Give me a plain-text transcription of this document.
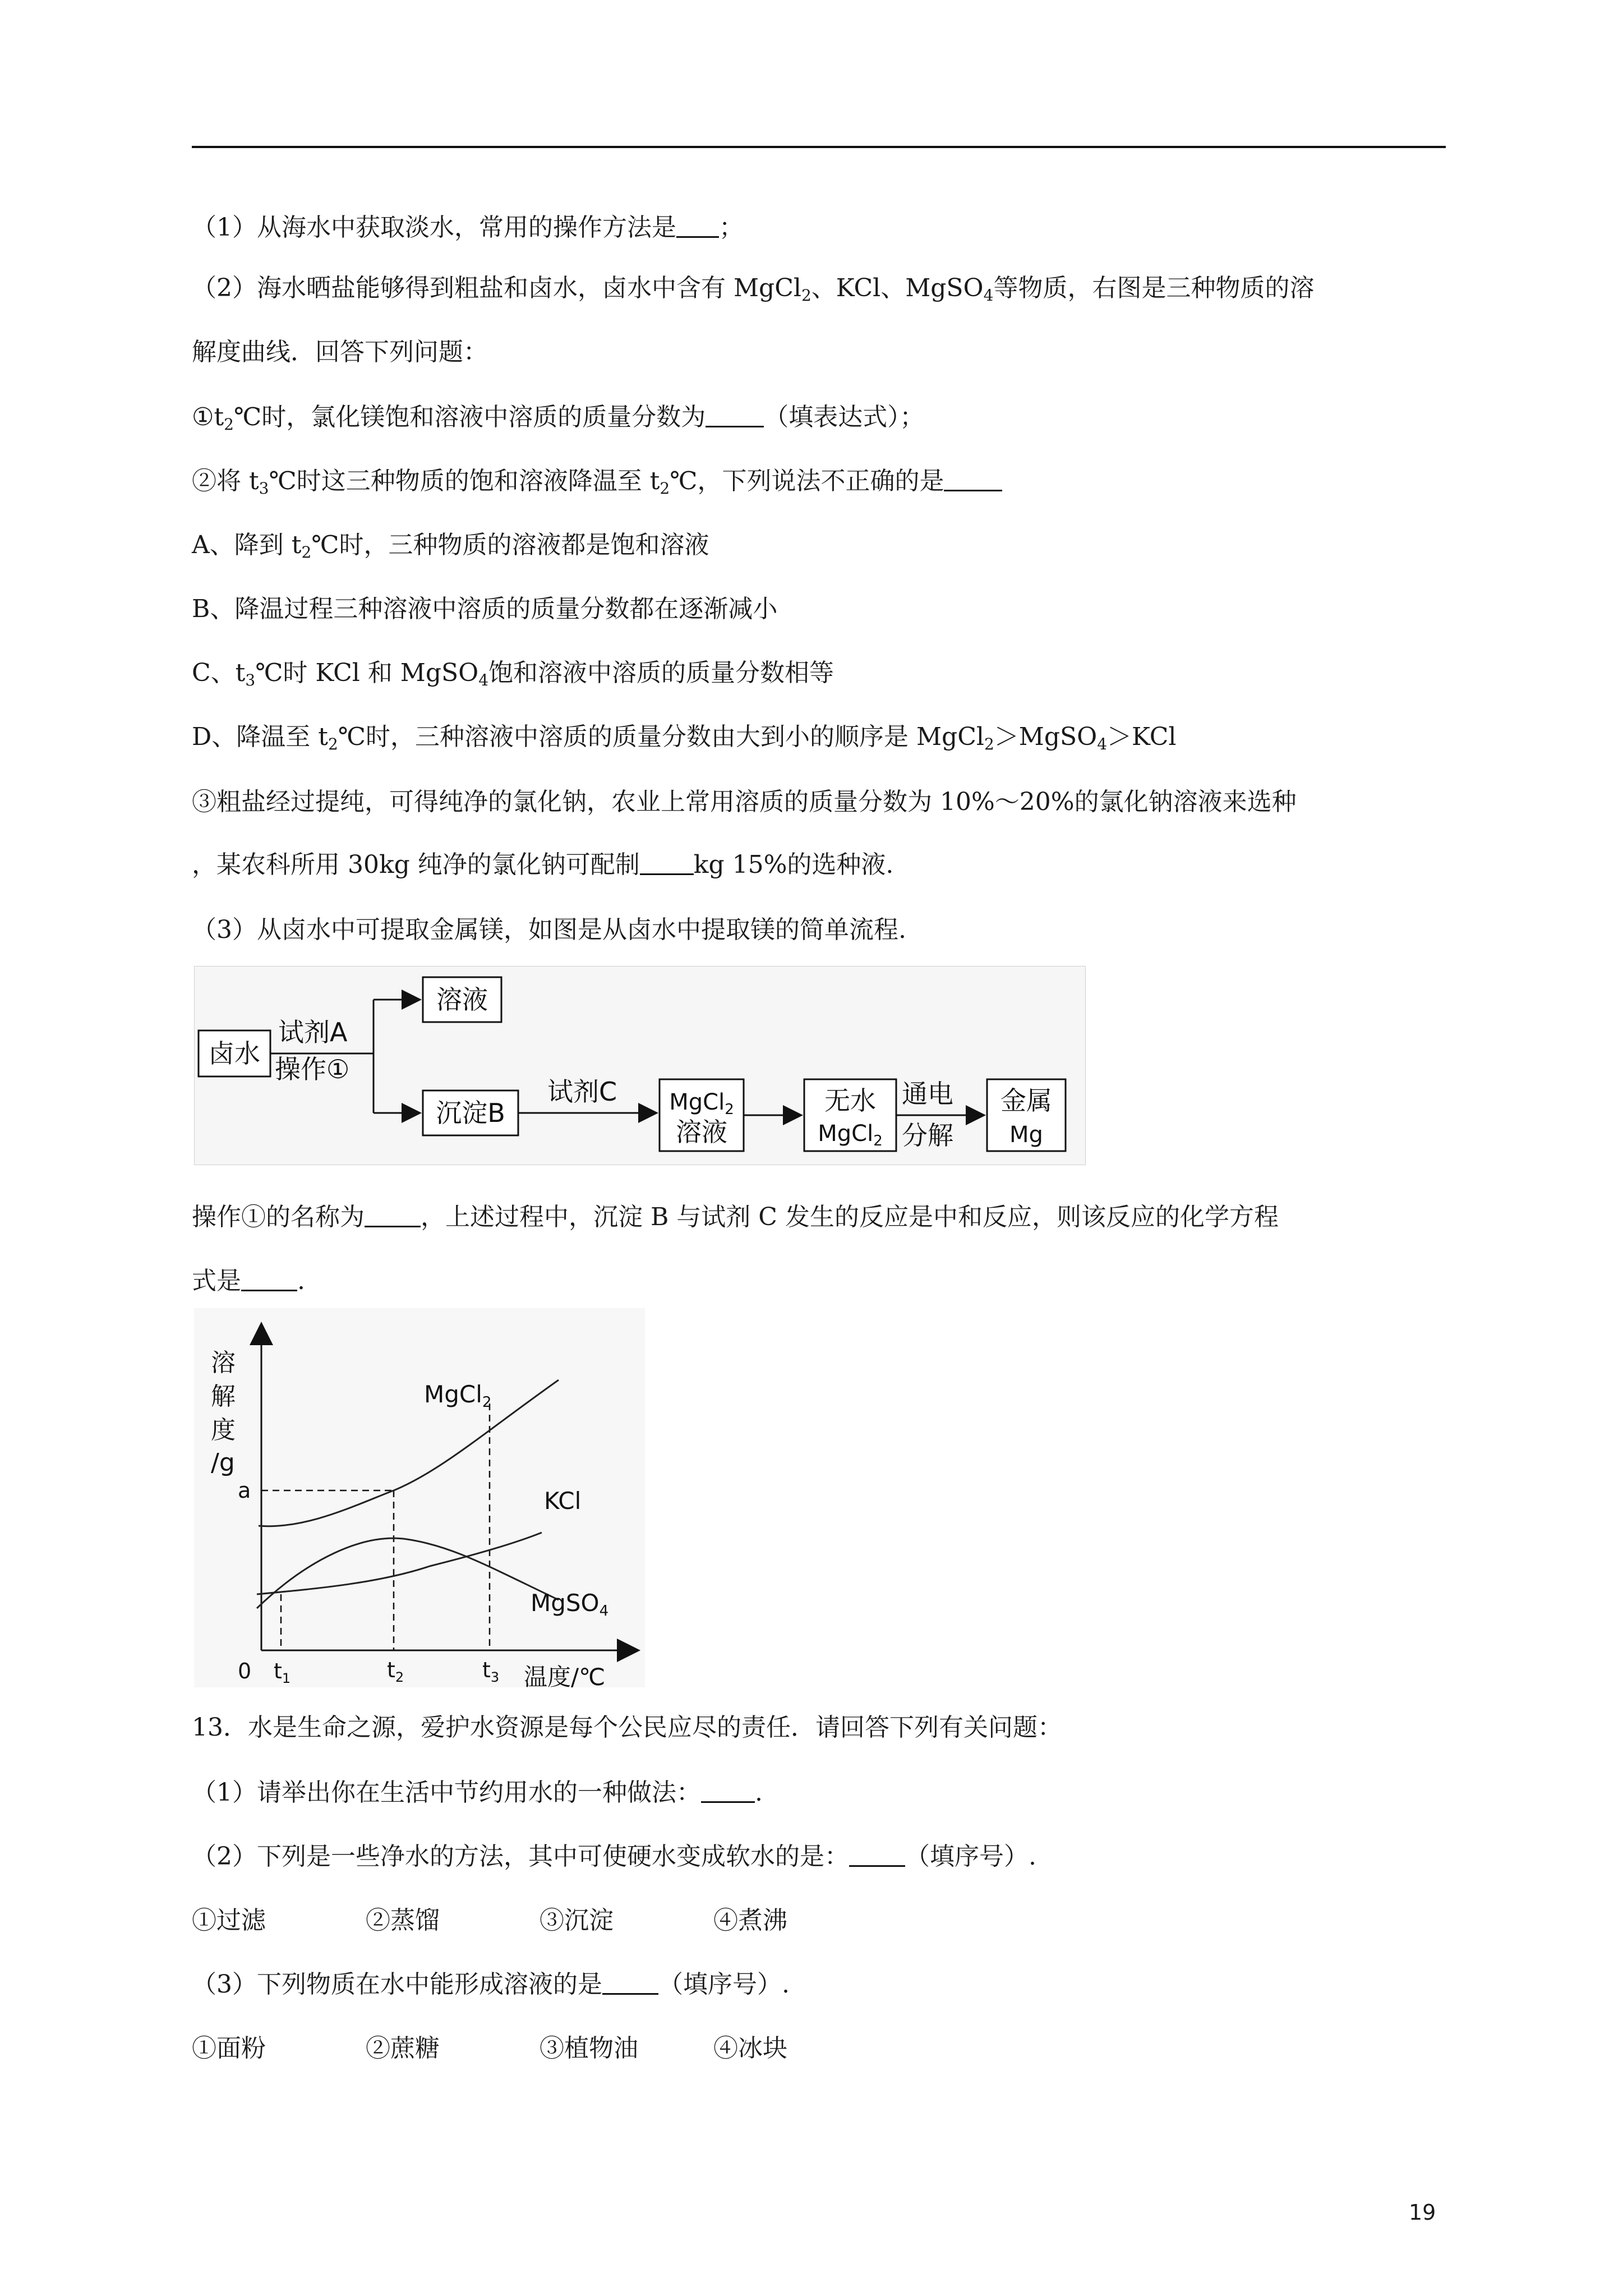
（1）从海水中获取淡水，常用的操作方法是 ；
（2）海水晒盐能够得到粗盐和卤水，卤水中含有 MgCl$_2$、KCl、MgSO$_4$等物质，右图是三种物质的溶
解度曲线．回答下列问题：
$①t_2℃$时，氯化镁饱和溶液中溶质的质量分数为 （填表达式）；
②将 $t_3℃$时这三种物质的饱和溶液降温至 $t_2℃$，下列说法不正确的是
A、降到 $t_2℃$时，三种物质的溶液都是饱和溶液
B、降温过程三种溶液中溶质的质量分数都在逐渐减小
C、$t_3℃$时 KCl 和 MgSO$_4$饱和溶液中溶质的质量分数相等
D、降温至 $t_2℃$时，三种溶液中溶质的质量分数由大到小的顺序是 MgCl$_2$＞MgSO$_4$＞KCl
③粗盐经过提纯，可得纯净的氯化钠，农业上常用溶质的质量分数为 10%～20%的氯化钠溶液来选种
，某农科所用 30kg 纯净的氯化钠可配制 kg 15%的选种液.
（3）从卤水中可提取金属镁，如图是从卤水中提取镁的简单流程.
卤水
试剂A
操作①
溶液
沉淀B
试剂C MgCl$_2$
溶液
无水
MgCl$_2$
通电
分解
金属
Mg
操作①的名称为 ，上述过程中，沉淀 B 与试剂 C 发生的反应是中和反应，则该反应的化学方程
式是 .
溶
解
度
/g
a
0 $t_1$	$t_2$	$t_3$ 温度/℃
MgCl2
KCl
MgSO4
13．水是生命之源，爱护水资源是每个公民应尽的责任．请回答下列有关问题：
（1）请举出你在生活中节约用水的一种做法： .
（2）下列是一些净水的方法，其中可使硬水变成软水的是： （填序号）.
①过滤	②蒸馏	③沉淀	④煮沸
（3）下列物质在水中能形成溶液的是 （填序号）.
①面粉	②蔗糖	③植物油	④冰块
19
